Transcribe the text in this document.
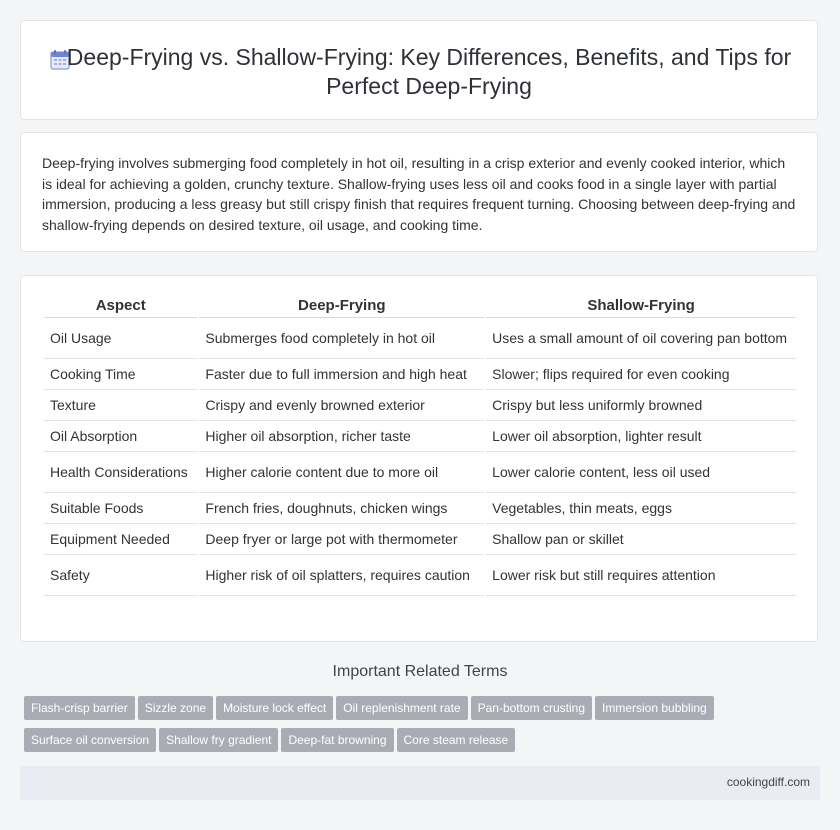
Deep-Frying vs. Shallow-Frying: Key Differences, Benefits, and Tips for Perfect Deep-Frying

Deep-frying involves submerging food completely in hot oil, resulting in a crisp exterior and evenly cooked interior, which is ideal for achieving a golden, crunchy texture. Shallow-frying uses less oil and cooks food in a single layer with partial immersion, producing a less greasy but still crispy finish that requires frequent turning. Choosing between deep-frying and shallow-frying depends on desired texture, oil usage, and cooking time.

Aspect	Deep-Frying	Shallow-Frying
Oil Usage	Submerges food completely in hot oil	Uses a small amount of oil covering pan bottom
Cooking Time	Faster due to full immersion and high heat	Slower; flips required for even cooking
Texture	Crispy and evenly browned exterior	Crispy but less uniformly browned
Oil Absorption	Higher oil absorption, richer taste	Lower oil absorption, lighter result
Health Considerations	Higher calorie content due to more oil	Lower calorie content, less oil used
Suitable Foods	French fries, doughnuts, chicken wings	Vegetables, thin meats, eggs
Equipment Needed	Deep fryer or large pot with thermometer	Shallow pan or skillet
Safety	Higher risk of oil splatters, requires caution	Lower risk but still requires attention
Important Related Terms
Flash-crisp barrier Sizzle zone Moisture lock effect Oil replenishment rate Pan-bottom crusting Immersion bubbling
Surface oil conversion Shallow fry gradient Deep-fat browning Core steam release
cookingdiff.com
